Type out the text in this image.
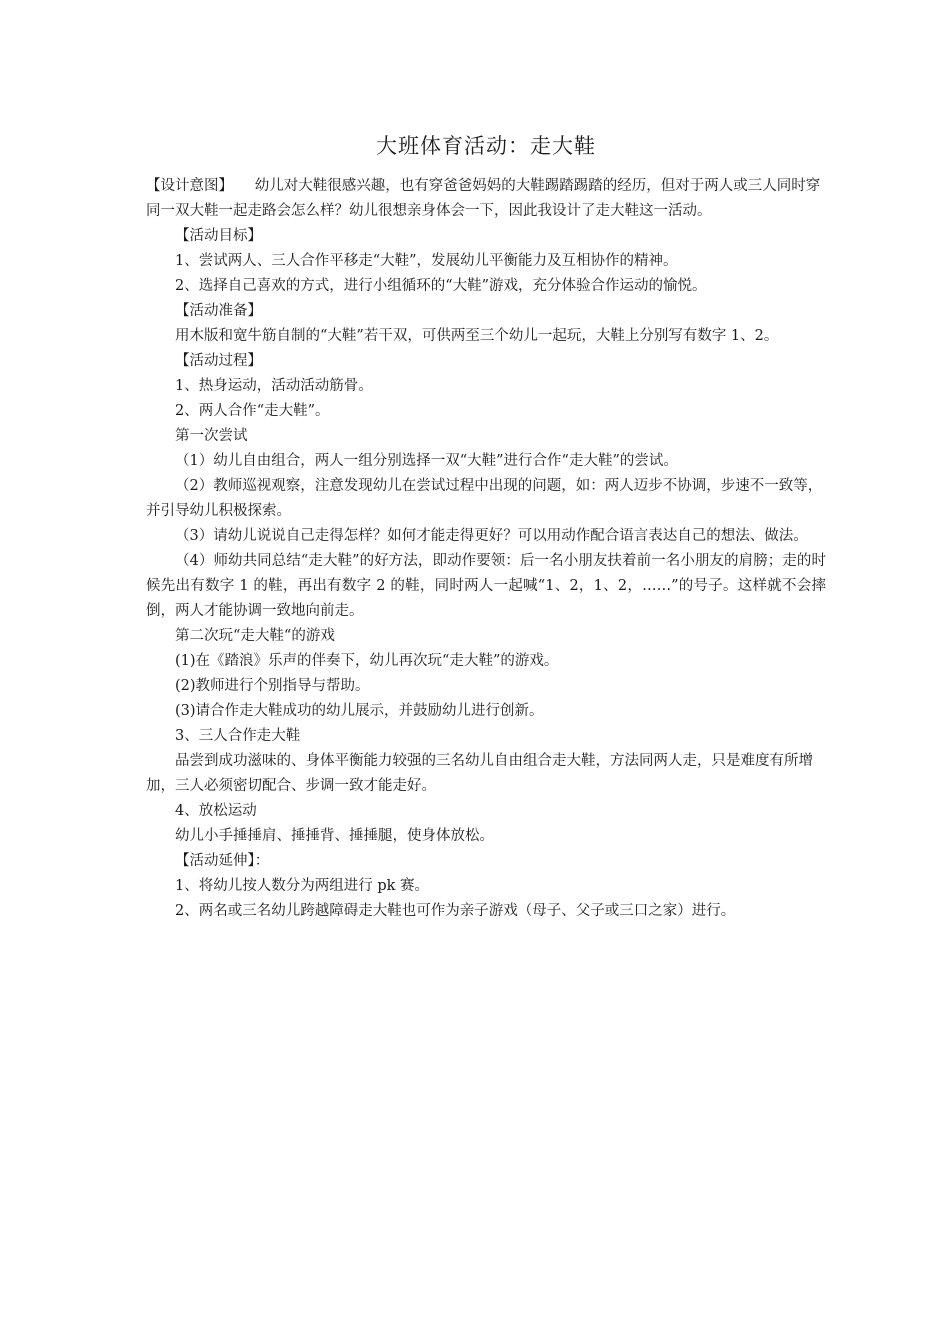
大班体育活动：走大鞋

【设计意图】　　幼儿对大鞋很感兴趣，也有穿爸爸妈妈的大鞋踢踏踢踏的经历，但对于两人或三人同时穿同一双大鞋一起走路会怎么样？幼儿很想亲身体会一下，因此我设计了走大鞋这一活动。

【活动目标】

1、尝试两人、三人合作平移走“大鞋”，发展幼儿平衡能力及互相协作的精神。

2、选择自己喜欢的方式，进行小组循环的“大鞋”游戏，充分体验合作运动的愉悦。

【活动准备】

用木版和宽牛筋自制的“大鞋”若干双，可供两至三个幼儿一起玩，大鞋上分别写有数字 1、2。

【活动过程】

1、热身运动，活动活动筋骨。

2、两人合作“走大鞋”。

第一次尝试

（1）幼儿自由组合，两人一组分别选择一双“大鞋”进行合作“走大鞋”的尝试。

（2）教师巡视观察，注意发现幼儿在尝试过程中出现的问题，如：两人迈步不协调，步速不一致等，并引导幼儿积极探索。

（3）请幼儿说说自己走得怎样？如何才能走得更好？可以用动作配合语言表达自己的想法、做法。

（4）师幼共同总结“走大鞋”的好方法，即动作要领：后一名小朋友扶着前一名小朋友的肩膀；走的时候先出有数字 1 的鞋，再出有数字 2 的鞋，同时两人一起喊“1、2，1、2，……”的号子。这样就不会摔倒，两人才能协调一致地向前走。

第二次玩“走大鞋“的游戏

(1)在《踏浪》乐声的伴奏下，幼儿再次玩“走大鞋”的游戏。

(2)教师进行个别指导与帮助。

(3)请合作走大鞋成功的幼儿展示，并鼓励幼儿进行创新。

3、三人合作走大鞋

品尝到成功滋味的、身体平衡能力较强的三名幼儿自由组合走大鞋，方法同两人走，只是难度有所增加，三人必须密切配合、步调一致才能走好。

4、放松运动

幼儿小手捶捶肩、捶捶背、捶捶腿，使身体放松。

【活动延伸】：

1、将幼儿按人数分为两组进行 pk 赛。

2、两名或三名幼儿跨越障碍走大鞋也可作为亲子游戏（母子、父子或三口之家）进行。
